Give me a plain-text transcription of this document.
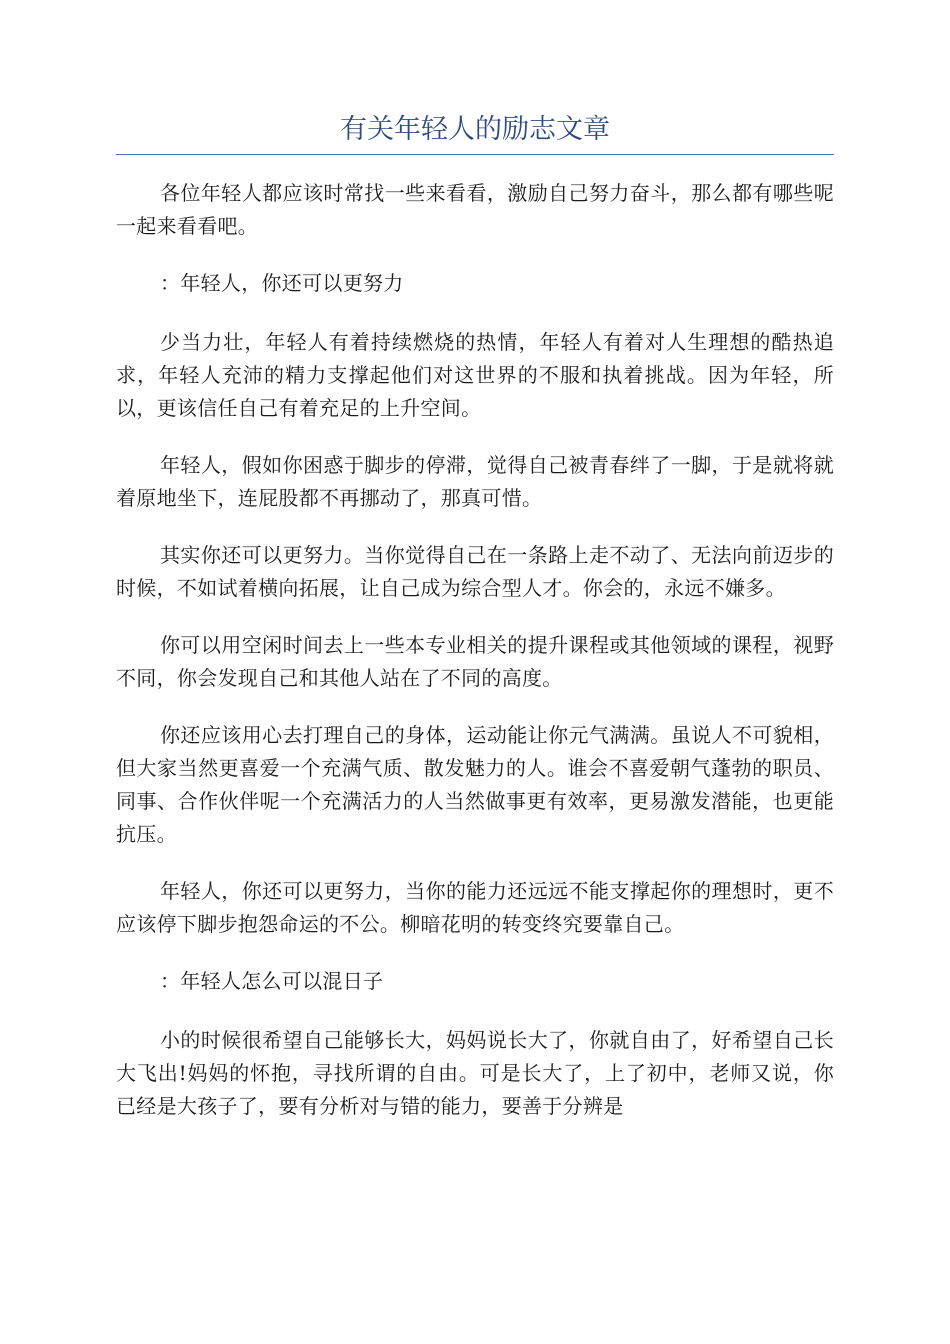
有关年轻人的励志文章

各位年轻人都应该时常找一些来看看，激励自己努力奋斗，那么都有哪些呢一起来看看吧。

：年轻人，你还可以更努力

少当力壮，年轻人有着持续燃烧的热情，年轻人有着对人生理想的酷热追求，年轻人充沛的精力支撑起他们对这世界的不服和执着挑战。因为年轻，所以，更该信任自己有着充足的上升空间。

年轻人，假如你困惑于脚步的停滞，觉得自己被青春绊了一脚，于是就将就着原地坐下，连屁股都不再挪动了，那真可惜。

其实你还可以更努力。当你觉得自己在一条路上走不动了、无法向前迈步的时候，不如试着横向拓展，让自己成为综合型人才。你会的，永远不嫌多。

你可以用空闲时间去上一些本专业相关的提升课程或其他领域的课程，视野不同，你会发现自己和其他人站在了不同的高度。

你还应该用心去打理自己的身体，运动能让你元气满满。虽说人不可貌相，但大家当然更喜爱一个充满气质、散发魅力的人。谁会不喜爱朝气蓬勃的职员、同事、合作伙伴呢一个充满活力的人当然做事更有效率，更易激发潜能，也更能抗压。

年轻人，你还可以更努力，当你的能力还远远不能支撑起你的理想时，更不应该停下脚步抱怨命运的不公。柳暗花明的转变终究要靠自己。

：年轻人怎么可以混日子

小的时候很希望自己能够长大，妈妈说长大了，你就自由了，好希望自己长大飞出!妈妈的怀抱，寻找所谓的自由。可是长大了，上了初中，老师又说，你已经是大孩子了，要有分析对与错的能力，要善于分辨是
